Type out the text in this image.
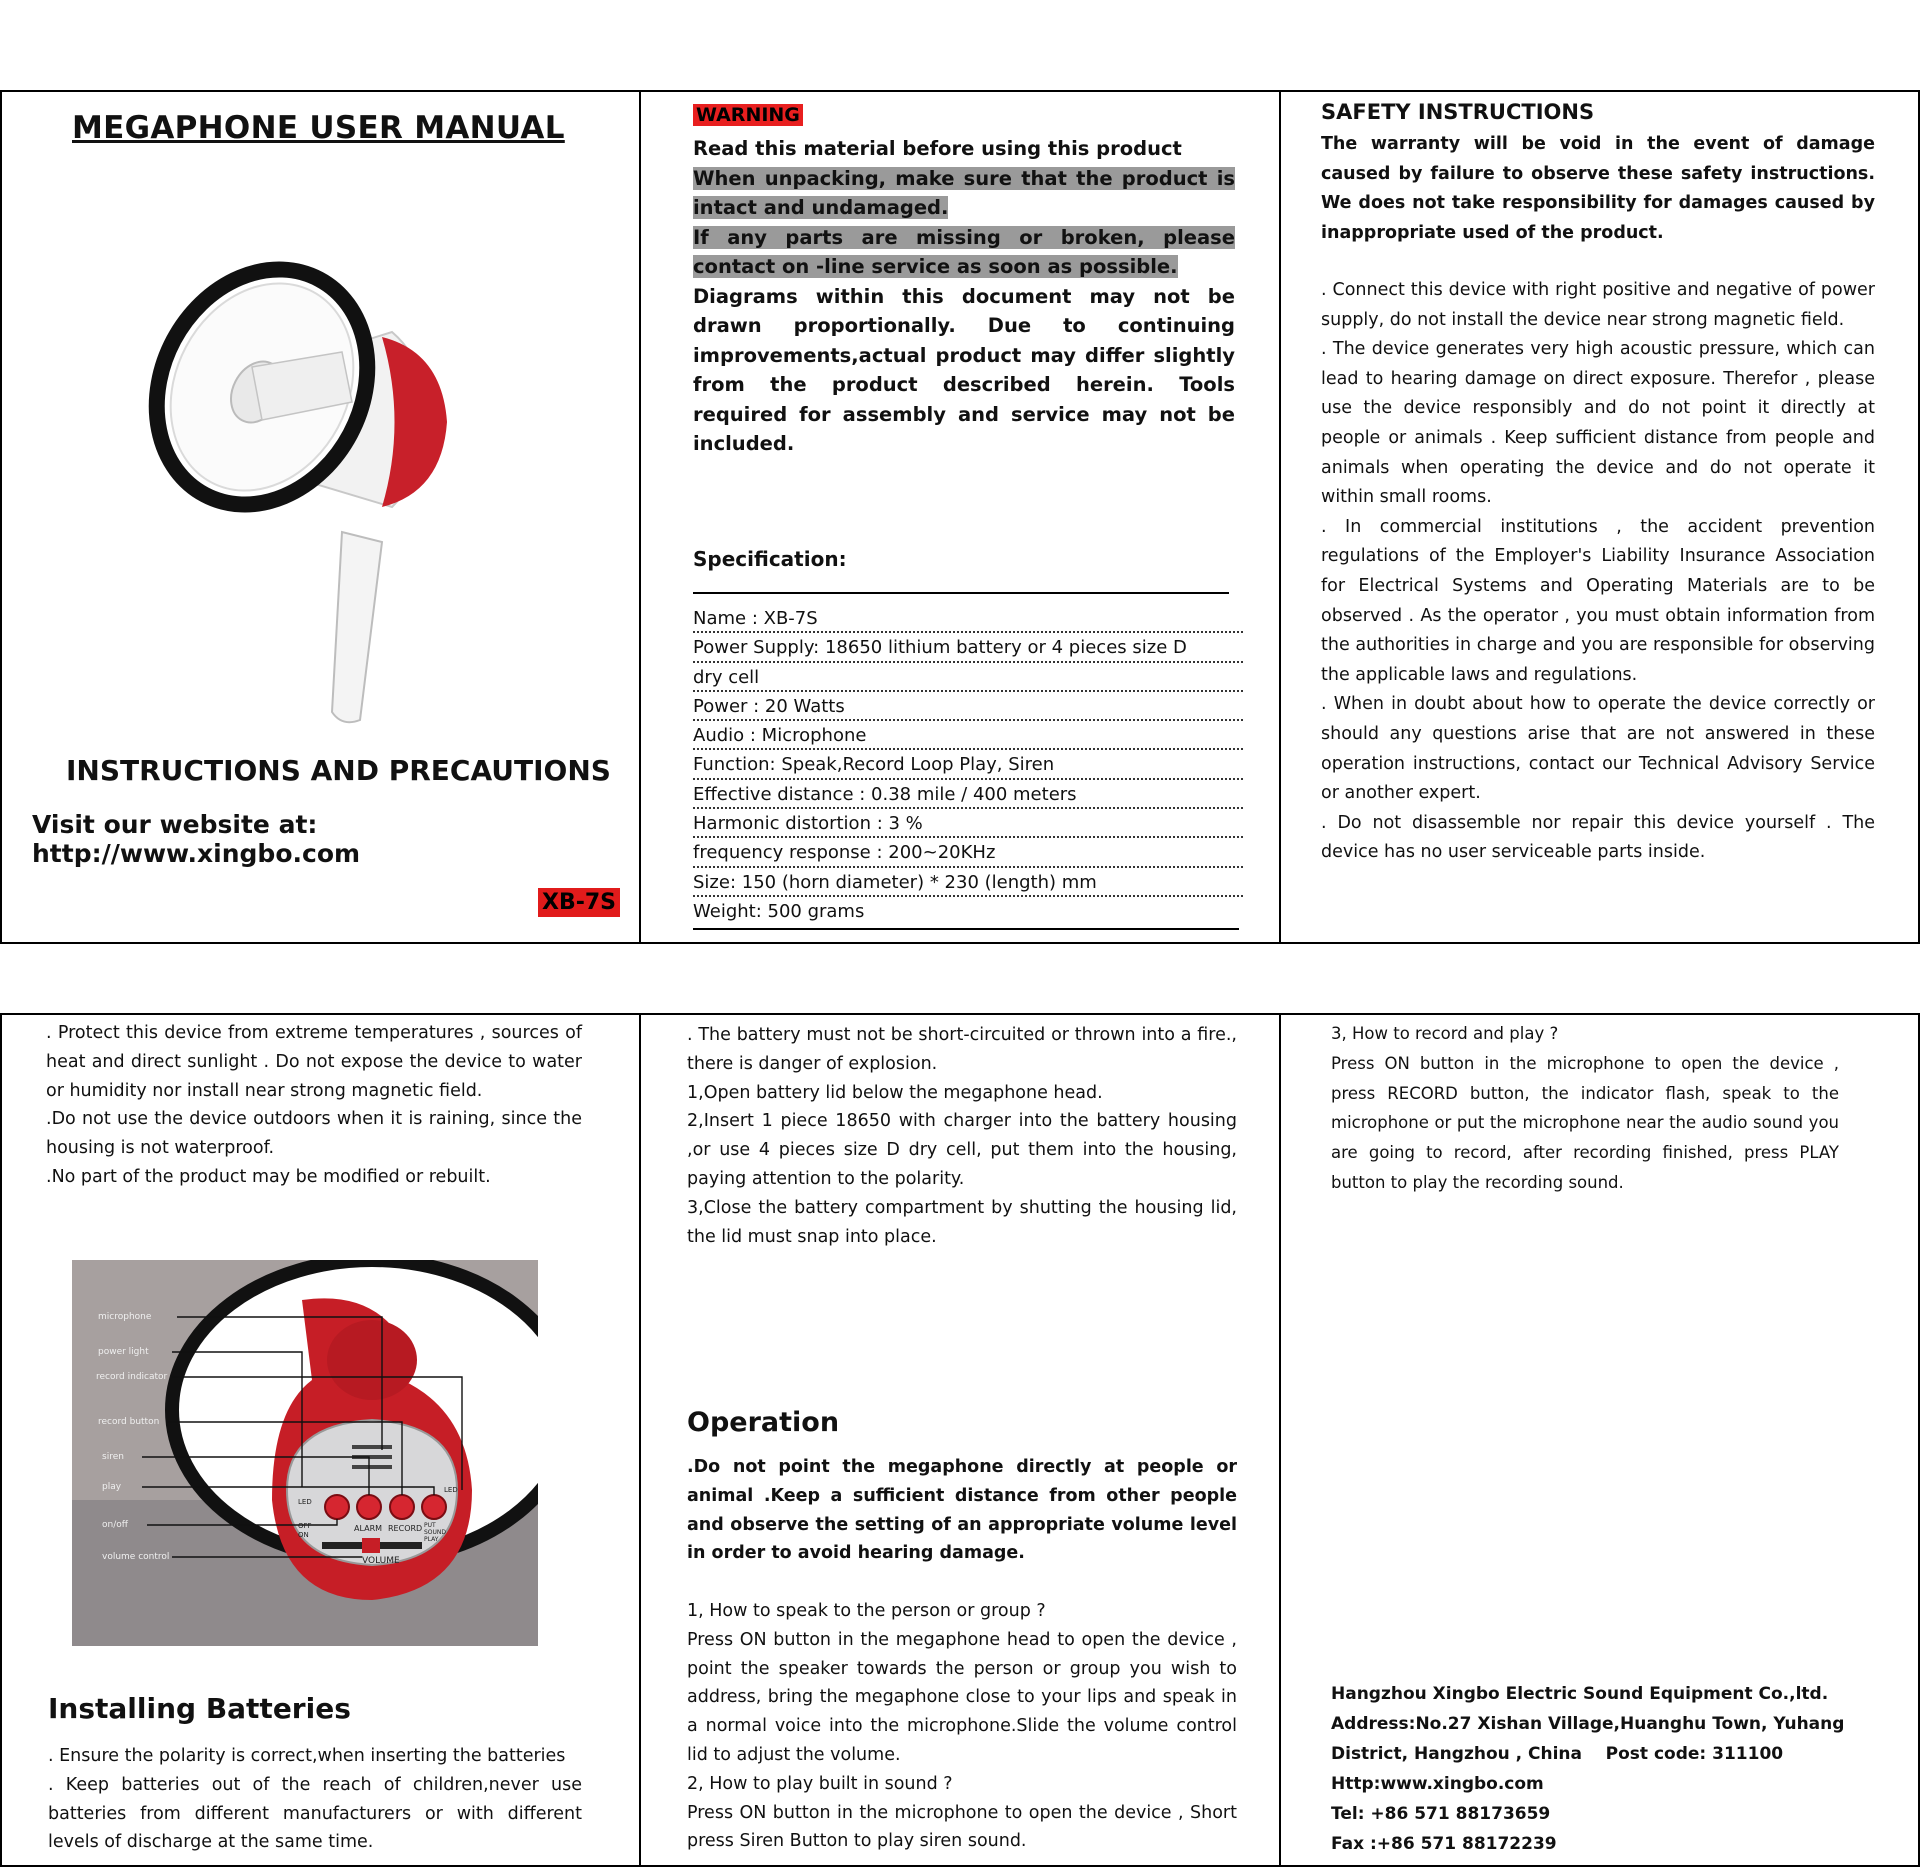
MEGAPHONE USER MANUAL
INSTRUCTIONS AND PRECAUTIONS
Visit our website at: http://www.xingbo.com
XB-7S
WARNING

Read this material before using this product

When unpacking, make sure that the product is intact and undamaged.

If any parts are missing or broken, please contact on -line service as soon as possible.

Diagrams within this document may not be drawn proportionally. Due to continuing improvements,actual product may differ slightly from the product described herein. Tools required for assembly and service may not be included.

Specification:
Name : XB-7S
Power Supply: 18650 lithium battery or 4 pieces size D
dry cell
Power : 20 Watts
Audio : Microphone
Function: Speak,Record Loop Play, Siren
Effective distance : 0.38 mile / 400 meters
Harmonic distortion : 3 %
frequency response : 200~20KHz
Size: 150 (horn diameter) * 230 (length) mm
Weight: 500 grams
SAFETY INSTRUCTIONS
The warranty will be void in the event of damage caused by failure to observe these safety instructions. We does not take responsibility for damages caused by inappropriate used of the product.

. Connect this device with right positive and negative of power supply, do not install the device near strong magnetic field.

. The device generates very high acoustic pressure, which can lead to hearing damage on direct exposure. Therefor , please use the device responsibly and do not point it directly at people or animals . Keep sufficient distance from people and animals when operating the device and do not operate it within small rooms.

. In commercial institutions , the accident prevention regulations of the Employer's Liability Insurance Association for Electrical Systems and Operating Materials are to be observed . As the operator , you must obtain information from the authorities in charge and you are responsible for observing the applicable laws and regulations.

. When in doubt about how to operate the device correctly or should any questions arise that are not answered in these operation instructions, contact our Technical Advisory Service or another expert.

. Do not disassemble nor repair this device yourself . The device has no user serviceable parts inside.

. Protect this device from extreme temperatures , sources of heat and direct sunlight . Do not expose the device to water or humidity nor install near strong magnetic field.

.Do not use the device outdoors when it is raining, since the housing is not waterproof.

.No part of the product may be modified or rebuilt.

microphone
power light
record indicator
record button
siren
play
on/off
volume control
OFF
ON
ALARM RECORD PUT SOUND PLAY
LED
LED
VOLUME
Installing Batteries

. Ensure the polarity is correct,when inserting the batteries

. Keep batteries out of the reach of children,never use batteries from different manufacturers or with different levels of discharge at the same time.

. The battery must not be short-circuited or thrown into a fire., there is danger of explosion.

1,Open battery lid below the megaphone head.

2,Insert 1 piece 18650 with charger into the battery housing ,or use 4 pieces size D dry cell, put them into the housing, paying attention to the polarity.

3,Close the battery compartment by shutting the housing lid, the lid must snap into place.

Operation
.Do not point the megaphone directly at people or animal .Keep a sufficient distance from other people and observe the setting of an appropriate volume level in order to avoid hearing damage.

1, How to speak to the person or group ?

Press ON button in the megaphone head to open the device , point the speaker towards the person or group you wish to address, bring the megaphone close to your lips and speak in a normal voice into the microphone.Slide the volume control lid to adjust the volume.

2, How to play built in sound ?

Press ON button in the microphone to open the device , Short press Siren Button to play siren sound.

3, How to record and play ?

Press ON button in the microphone to open the device , press RECORD button, the indicator flash, speak to the microphone or put the microphone near the audio sound you are going to record, after recording finished, press PLAY button to play the recording sound.

Hangzhou Xingbo Electric Sound Equipment Co.,ltd.
Address:No.27 Xishan Village,Huanghu Town, Yuhang
District, Hangzhou , China    Post code: 311100
Http:www.xingbo.com
Tel: +86 571 88173659
Fax :+86 571 88172239
